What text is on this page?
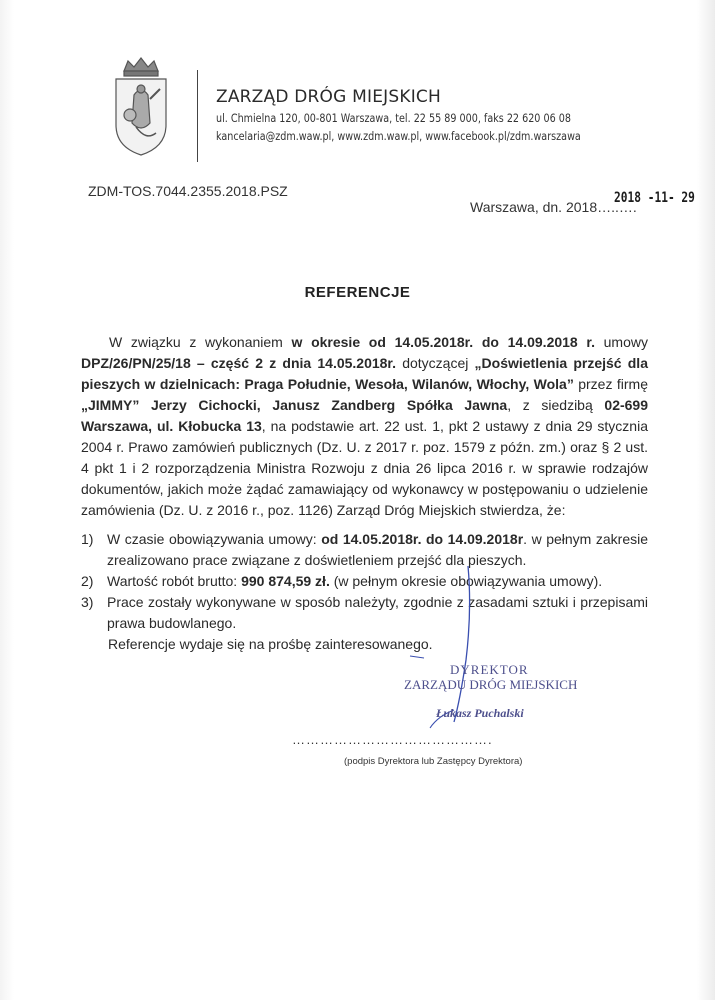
ZARZĄD DRÓG MIEJSKICH
ul. Chmielna 120, 00-801 Warszawa, tel. 22 55 89 000, faks 22 620 06 08
kancelaria@zdm.waw.pl, www.zdm.waw.pl, www.facebook.pl/zdm.warszawa
ZDM-TOS.7044.2355.2018.PSZ
Warszawa, dn. 2018…..….
2018 -11- 29
REFERENCJE

W związku z wykonaniem w okresie od 14.05.2018r. do 14.09.2018 r. umowy DPZ/26/PN/25/18 – część 2 z dnia 14.05.2018r. dotyczącej „Doświetlenia przejść dla pieszych w dzielnicach: Praga Południe, Wesoła, Wilanów, Włochy, Wola” przez firmę „JIMMY” Jerzy Cichocki, Janusz Zandberg Spółka Jawna, z siedzibą 02-699 Warszawa, ul. Kłobucka 13, na podstawie art. 22 ust. 1, pkt 2 ustawy z dnia 29 stycznia 2004 r. Prawo zamówień publicznych (Dz. U. z 2017 r. poz. 1579 z późn. zm.) oraz § 2 ust. 4 pkt 1 i 2 rozporządzenia Ministra Rozwoju z dnia 26 lipca 2016 r. w sprawie rodzajów dokumentów, jakich może żądać zamawiający od wykonawcy w postępowaniu o udzielenie zamówienia (Dz. U. z 2016 r., poz. 1126) Zarząd Dróg Miejskich stwierdza, że:

1) W czasie obowiązywania umowy: od 14.05.2018r. do 14.09.2018r. w pełnym zakresie zrealizowano prace związane z doświetleniem przejść dla pieszych.
2) Wartość robót brutto: 990 874,59 zł. (w pełnym okresie obowiązywania umowy).
3) Prace zostały wykonywane w sposób należyty, zgodnie z zasadami sztuki i przepisami prawa budowlanego.
Referencje wydaje się na prośbę zainteresowanego.
DYREKTOR
ZARZĄDU DRÓG MIEJSKICH
Łukasz Puchalski
…………………………………….
(podpis Dyrektora lub Zastępcy Dyrektora)
